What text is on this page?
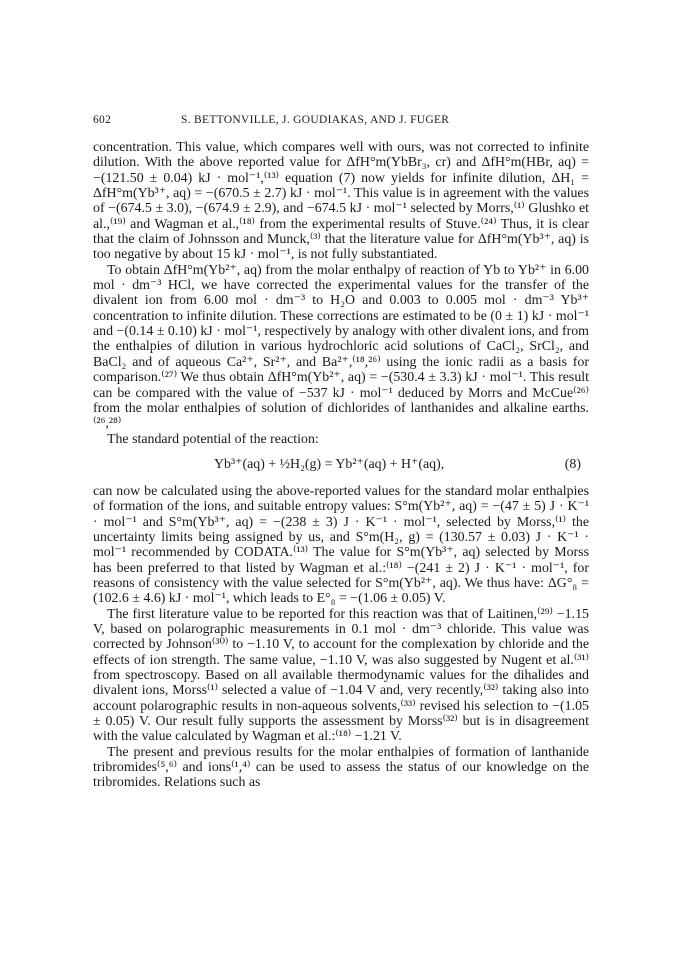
602	S. BETTONVILLE, J. GOUDIAKAS, AND J. FUGER

concentration. This value, which compares well with ours, was not corrected to infinite dilution. With the above reported value for ΔfH°m(YbBr₃, cr) and ΔfH°m(HBr, aq) = −(121.50 ± 0.04) kJ · mol⁻¹,⁽¹³⁾ equation (7) now yields for infinite dilution, ΔH₁ = ΔfH°m(Yb³⁺, aq) = −(670.5 ± 2.7) kJ · mol⁻¹. This value is in agreement with the values of −(674.5 ± 3.0), −(674.9 ± 2.9), and −674.5 kJ · mol⁻¹ selected by Morrs,⁽¹⁾ Glushko et al.,⁽¹⁹⁾ and Wagman et al.,⁽¹⁸⁾ from the experimental results of Stuve.⁽²⁴⁾ Thus, it is clear that the claim of Johnsson and Munck,⁽³⁾ that the literature value for ΔfH°m(Yb³⁺, aq) is too negative by about 15 kJ · mol⁻¹, is not fully substantiated.

To obtain ΔfH°m(Yb²⁺, aq) from the molar enthalpy of reaction of Yb to Yb²⁺ in 6.00 mol · dm⁻³ HCl, we have corrected the experimental values for the transfer of the divalent ion from 6.00 mol · dm⁻³ to H₂O and 0.003 to 0.005 mol · dm⁻³ Yb³⁺ concentration to infinite dilution. These corrections are estimated to be (0 ± 1) kJ · mol⁻¹ and −(0.14 ± 0.10) kJ · mol⁻¹, respectively by analogy with other divalent ions, and from the enthalpies of dilution in various hydrochloric acid solutions of CaCl₂, SrCl₂, and BaCl₂ and of aqueous Ca²⁺, Sr²⁺, and Ba²⁺,⁽¹⁸,²⁶⁾ using the ionic radii as a basis for comparison.⁽²⁷⁾ We thus obtain ΔfH°m(Yb²⁺, aq) = −(530.4 ± 3.3) kJ · mol⁻¹. This result can be compared with the value of −537 kJ · mol⁻¹ deduced by Morrs and McCue⁽²⁶⁾ from the molar enthalpies of solution of dichlorides of lanthanides and alkaline earths.⁽²⁶,²⁸⁾

The standard potential of the reaction:

Yb³⁺(aq) + ½H₂(g) = Yb²⁺(aq) + H⁺(aq),	(8)

can now be calculated using the above-reported values for the standard molar enthalpies of formation of the ions, and suitable entropy values: S°m(Yb²⁺, aq) = −(47 ± 5) J · K⁻¹ · mol⁻¹ and S°m(Yb³⁺, aq) = −(238 ± 3) J · K⁻¹ · mol⁻¹, selected by Morss,⁽¹⁾ the uncertainty limits being assigned by us, and S°m(H₂, g) = (130.57 ± 0.03) J · K⁻¹ · mol⁻¹ recommended by CODATA.⁽¹³⁾ The value for S°m(Yb³⁺, aq) selected by Morss has been preferred to that listed by Wagman et al.:⁽¹⁸⁾ −(241 ± 2) J · K⁻¹ · mol⁻¹, for reasons of consistency with the value selected for S°m(Yb²⁺, aq). We thus have: ΔG°₈ = (102.6 ± 4.6) kJ · mol⁻¹, which leads to E°₈ = −(1.06 ± 0.05) V.

The first literature value to be reported for this reaction was that of Laitinen,⁽²⁹⁾ −1.15 V, based on polarographic measurements in 0.1 mol · dm⁻³ chloride. This value was corrected by Johnson⁽³⁰⁾ to −1.10 V, to account for the complexation by chloride and the effects of ion strength. The same value, −1.10 V, was also suggested by Nugent et al.⁽³¹⁾ from spectroscopy. Based on all available thermodynamic values for the dihalides and divalent ions, Morss⁽¹⁾ selected a value of −1.04 V and, very recently,⁽³²⁾ taking also into account polarographic results in non-aqueous solvents,⁽³³⁾ revised his selection to −(1.05 ± 0.05) V. Our result fully supports the assessment by Morss⁽³²⁾ but is in disagreement with the value calculated by Wagman et al.:⁽¹⁸⁾ −1.21 V.

The present and previous results for the molar enthalpies of formation of lanthanide tribromides⁽⁵,⁶⁾ and ions⁽¹,⁴⁾ can be used to assess the status of our knowledge on the tribromides. Relations such as
